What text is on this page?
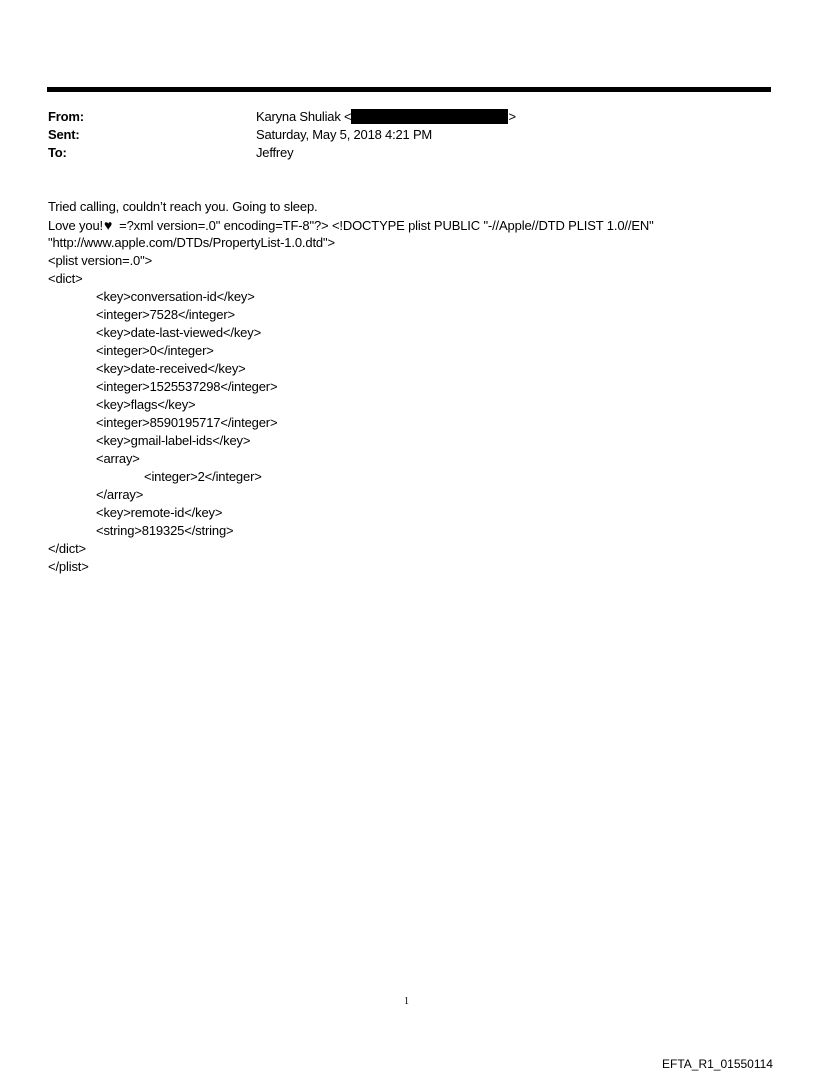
From:	Karyna Shuliak <	>
Sent:	Saturday, May 5, 2018 4:21 PM
To:	Jeffrey
Tried calling, couldn’t reach you. Going to sleep.
Love you!♥  =?xml version=.0" encoding=TF-8"?> <!DOCTYPE plist PUBLIC "-//Apple//DTD PLIST 1.0//EN"
"http://www.apple.com/DTDs/PropertyList-1.0.dtd">
<plist version=.0">
<dict>
<key>conversation-id</key>
<integer>7528</integer>
<key>date-last-viewed</key>
<integer>0</integer>
<key>date-received</key>
<integer>1525537298</integer>
<key>flags</key>
<integer>8590195717</integer>
<key>gmail-label-ids</key>
<array>
<integer>2</integer>
</array>
<key>remote-id</key>
<string>819325</string>
</dict>
</plist>
1
EFTA_R1_01550114
